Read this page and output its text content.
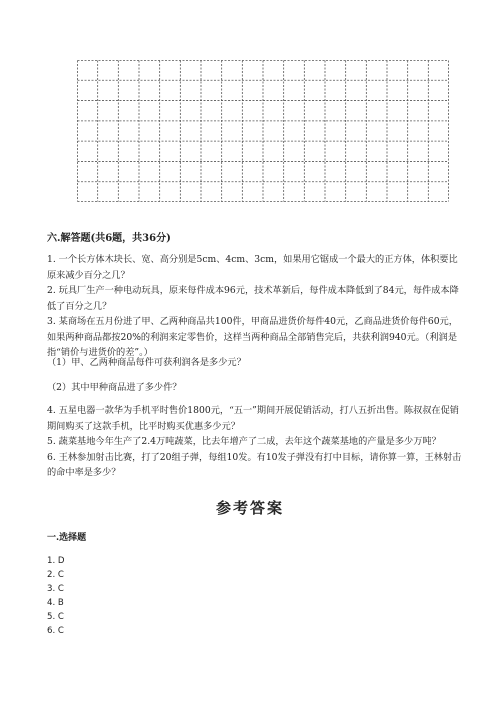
六.解答题(共6题，共36分)

1. 一个长方体木块长、宽、高分别是5cm、4cm、3cm，如果用它锯成一个最大的正方体，体积要比原来减少百分之几？

2. 玩具厂生产一种电动玩具，原来每件成本96元，技术革新后，每件成本降低到了84元，每件成本降低了百分之几？

3. 某商场在五月份进了甲、乙两种商品共100件，甲商品进货价每件40元，乙商品进货价每件60元，如果两种商品都按20%的利润来定零售价，这样当两种商品全部销售完后，共获利润940元。（利润是指“销价与进货价的差”。）

（1）甲、乙两种商品每件可获利润各是多少元？

（2）其中甲种商品进了多少件？

4. 五星电器一款华为手机平时售价1800元，“五一”期间开展促销活动，打八五折出售。陈叔叔在促销期间购买了这款手机，比平时购买优惠多少元？

5. 蔬菜基地今年生产了2.4万吨蔬菜，比去年增产了二成，去年这个蔬菜基地的产量是多少万吨？

6. 王林参加射击比赛，打了20组子弹，每组10发。有10发子弹没有打中目标，请你算一算，王林射击的命中率是多少？

参考答案
一.选择题
1. D
2. C
3. C
4. B
5. C
6. C
